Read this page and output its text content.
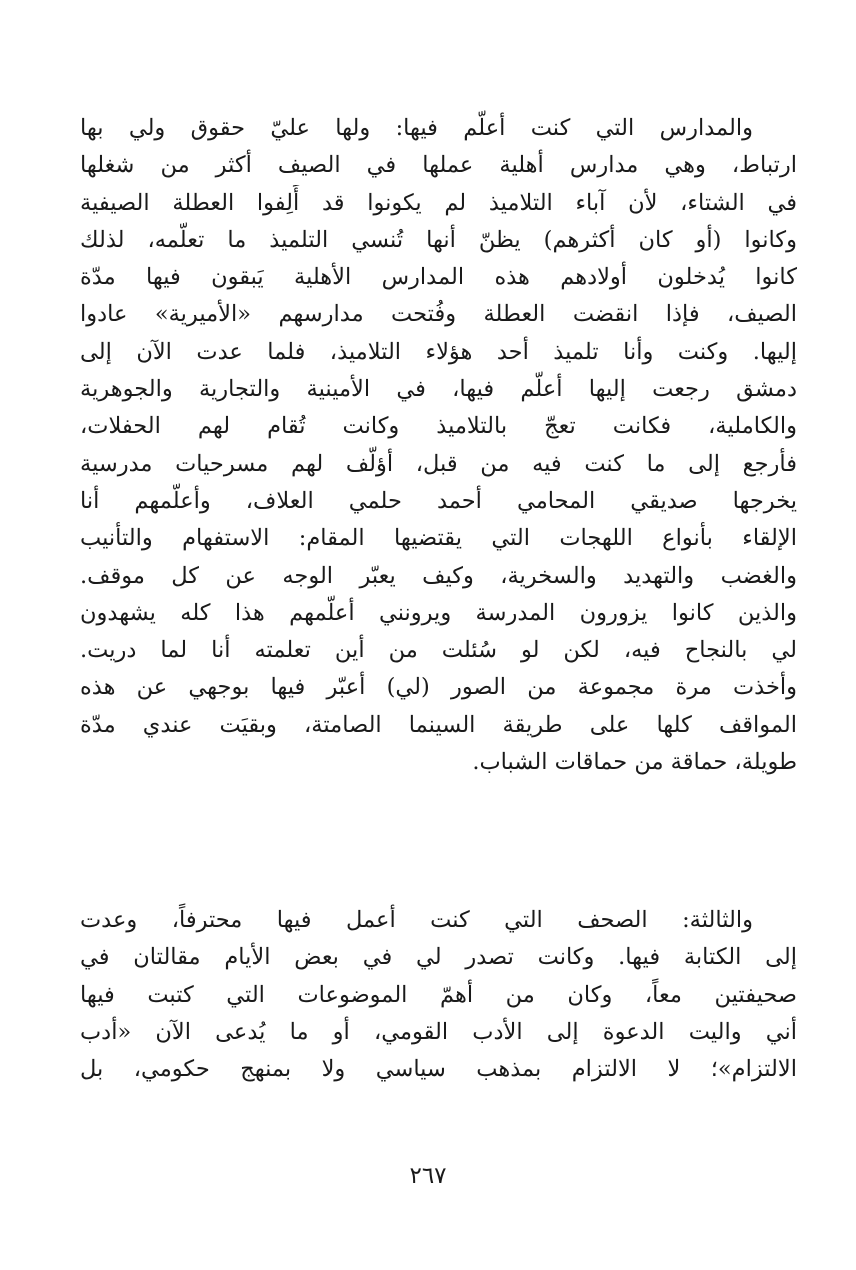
والمدارس التي كنت أعلّم فيها: ولها عليّ حقوق ولي بها
ارتباط، وهي مدارس أهلية عملها في الصيف أكثر من شغلها
في الشتاء، لأن آباء التلاميذ لم يكونوا قد أَلِفوا العطلة الصيفية
وكانوا (أو كان أكثرهم) يظنّ أنها تُنسي التلميذ ما تعلّمه، لذلك
كانوا يُدخلون أولادهم هذه المدارس الأهلية يَبقون فيها مدّة
الصيف، فإذا انقضت العطلة وفُتحت مدارسهم «الأميرية» عادوا
إليها. وكنت وأنا تلميذ أحد هؤلاء التلاميذ، فلما عدت الآن إلى
دمشق رجعت إليها أعلّم فيها، في الأمينية والتجارية والجوهرية
والكاملية، فكانت تعجّ بالتلاميذ وكانت تُقام لهم الحفلات،
فأرجع إلى ما كنت فيه من قبل، أؤلّف لهم مسرحيات مدرسية
يخرجها صديقي المحامي أحمد حلمي العلاف، وأعلّمهم أنا
الإلقاء بأنواع اللهجات التي يقتضيها المقام: الاستفهام والتأنيب
والغضب والتهديد والسخرية، وكيف يعبّر الوجه عن كل موقف.
والذين كانوا يزورون المدرسة ويرونني أعلّمهم هذا كله يشهدون
لي بالنجاح فيه، لكن لو سُئلت من أين تعلمته أنا لما دريت.
وأخذت مرة مجموعة من الصور (لي) أعبّر فيها بوجهي عن هذه
المواقف كلها على طريقة السينما الصامتة، وبقيَت عندي مدّة
طويلة، حماقة من حماقات الشباب.
والثالثة: الصحف التي كنت أعمل فيها محترفاً، وعدت
إلى الكتابة فيها. وكانت تصدر لي في بعض الأيام مقالتان في
صحيفتين معاً، وكان من أهمّ الموضوعات التي كتبت فيها
أني واليت الدعوة إلى الأدب القومي، أو ما يُدعى الآن «أدب
الالتزام»؛ لا الالتزام بمذهب سياسي ولا بمنهج حكومي، بل
٢٦٧
